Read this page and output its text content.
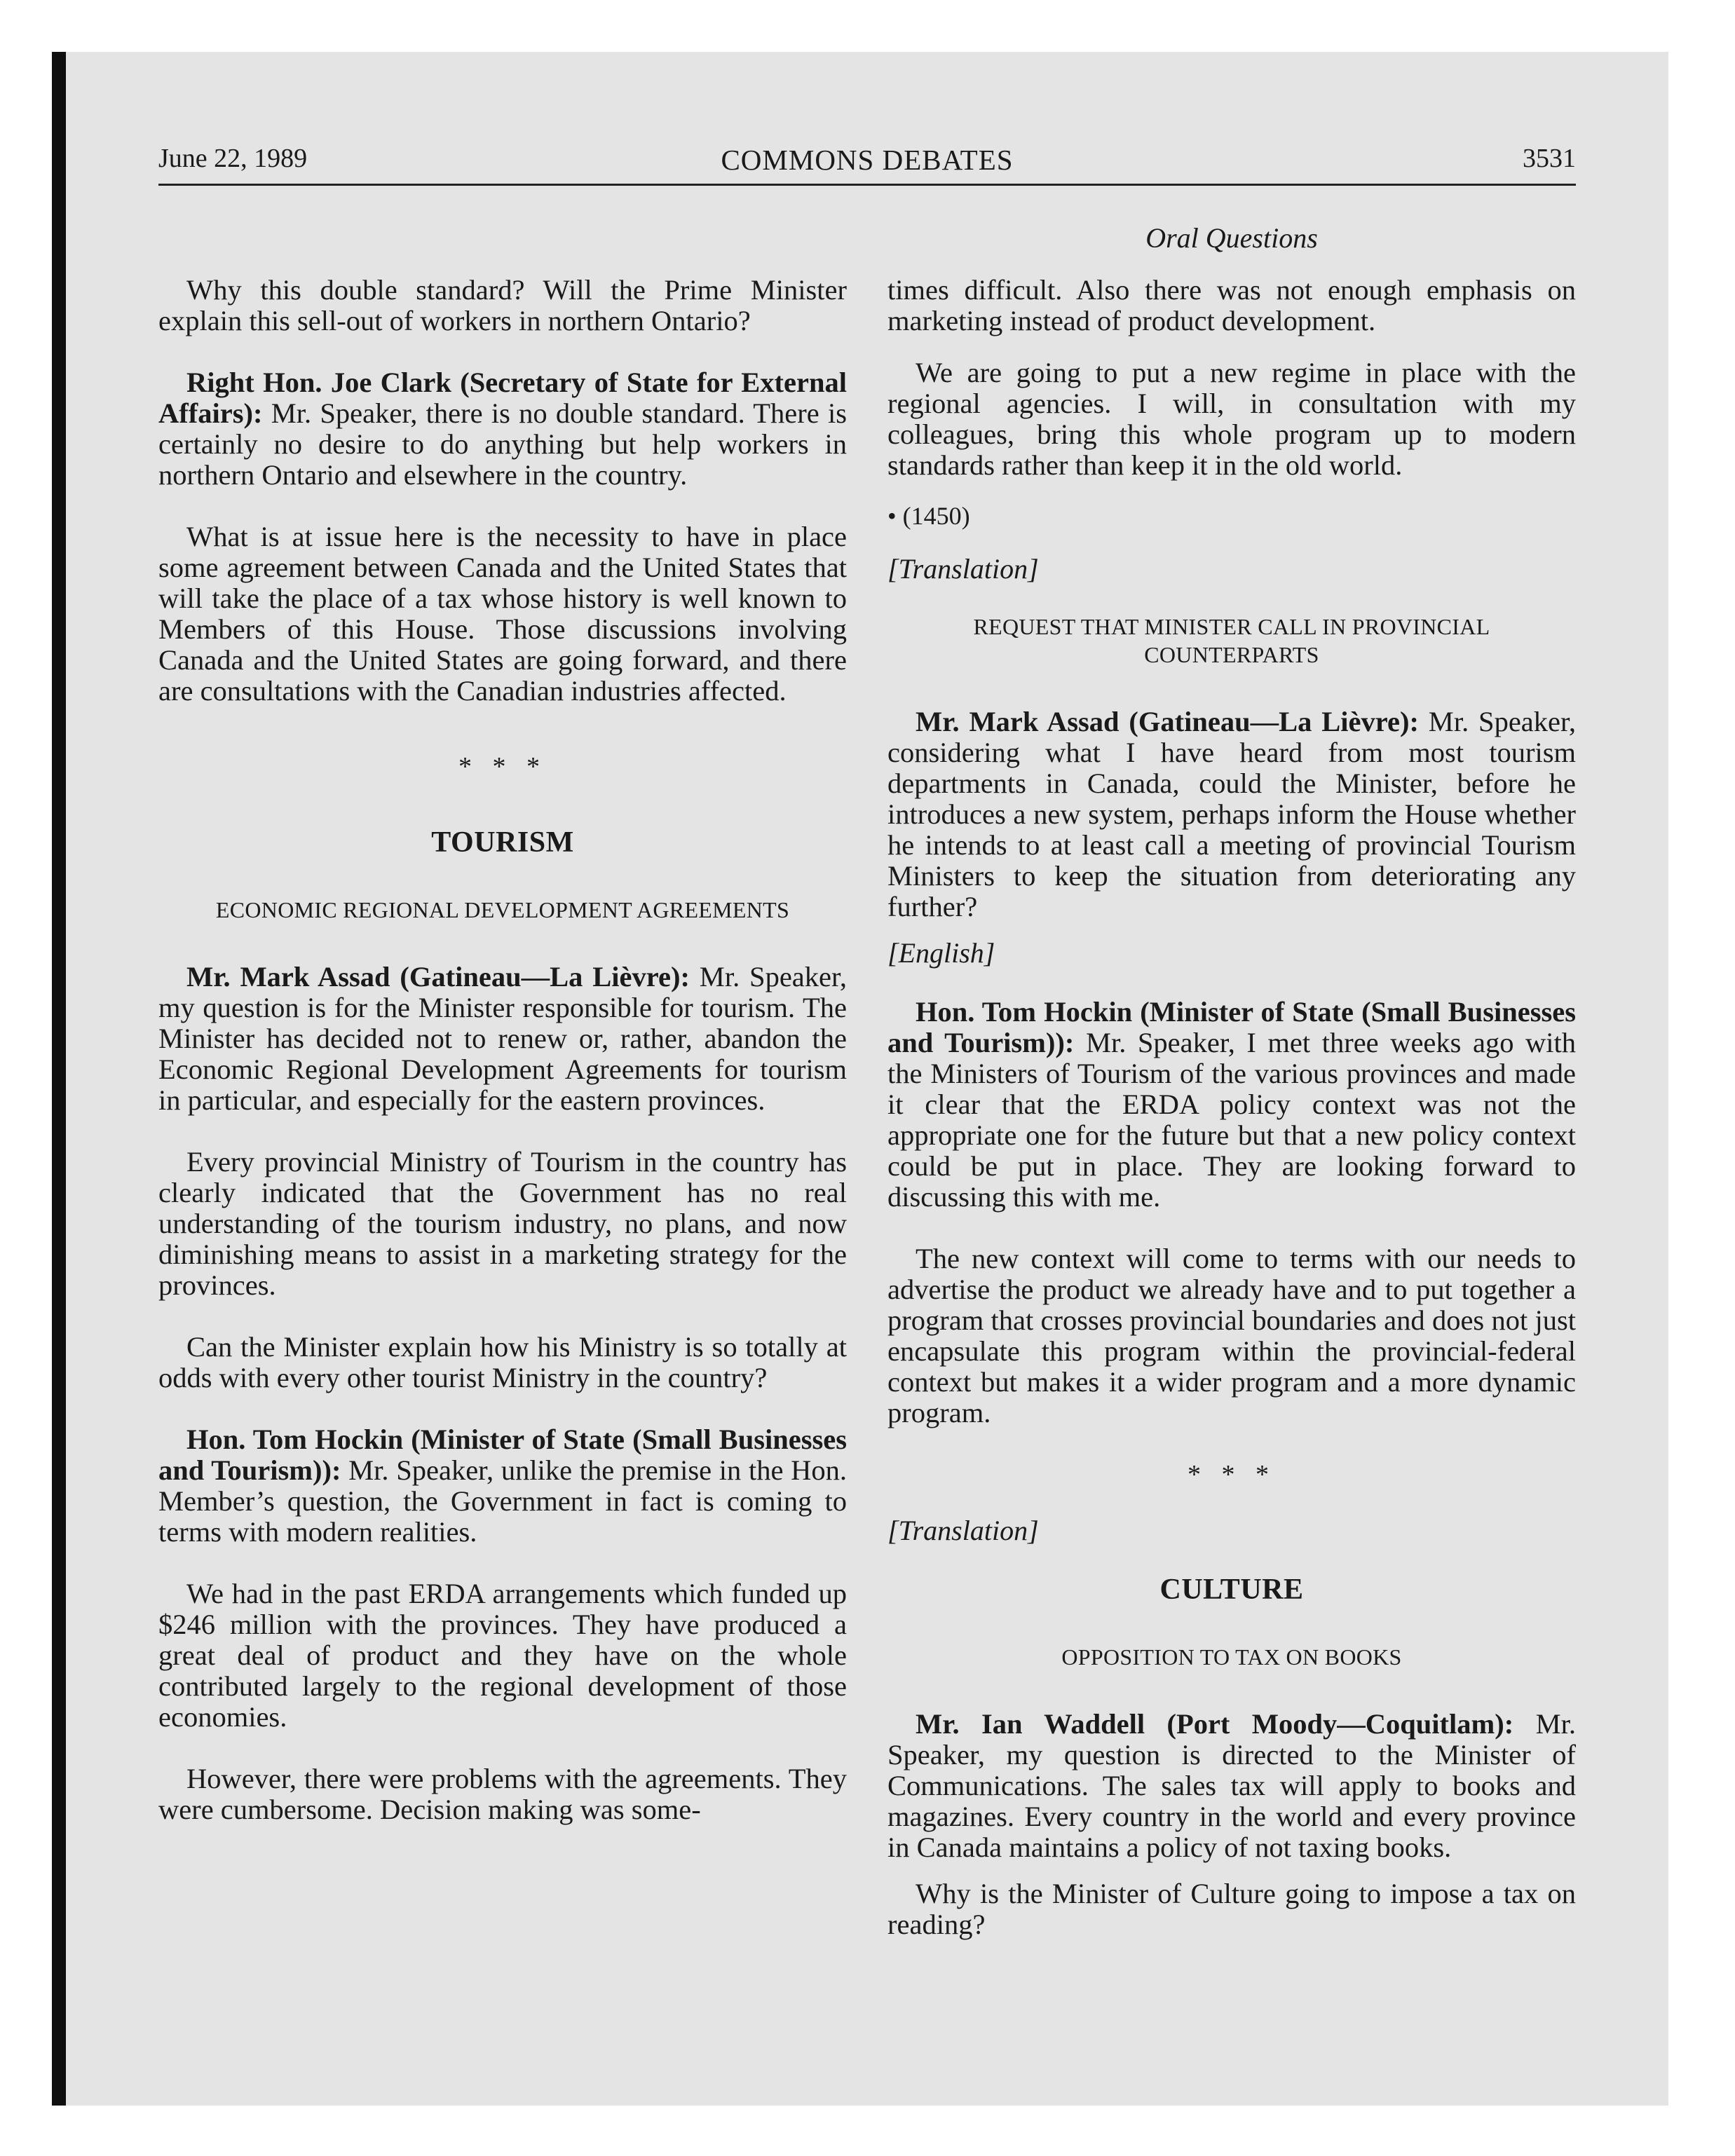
June 22, 1989	COMMONS DEBATES	3531
Oral Questions

Why this double standard? Will the Prime Minister explain this sell-out of workers in northern Ontario?

Right Hon. Joe Clark (Secretary of State for External Affairs): Mr. Speaker, there is no double standard. There is certainly no desire to do anything but help workers in northern Ontario and elsewhere in the country.

What is at issue here is the necessity to have in place some agreement between Canada and the United States that will take the place of a tax whose history is well known to Members of this House. Those discussions involving Canada and the United States are going forward, and there are consultations with the Canadian industries affected.

* * *
TOURISM
ECONOMIC REGIONAL DEVELOPMENT AGREEMENTS

Mr. Mark Assad (Gatineau—La Lièvre): Mr. Speaker, my question is for the Minister responsible for tourism. The Minister has decided not to renew or, rather, abandon the Economic Regional Development Agreements for tourism in particular, and especially for the eastern provinces.

Every provincial Ministry of Tourism in the country has clearly indicated that the Government has no real understanding of the tourism industry, no plans, and now diminishing means to assist in a marketing strategy for the provinces.

Can the Minister explain how his Ministry is so totally at odds with every other tourist Ministry in the country?

Hon. Tom Hockin (Minister of State (Small Businesses and Tourism)): Mr. Speaker, unlike the premise in the Hon. Member’s question, the Government in fact is coming to terms with modern realities.

We had in the past ERDA arrangements which funded up $246 million with the provinces. They have produced a great deal of product and they have on the whole contributed largely to the regional development of those economies.

However, there were problems with the agreements. They were cumbersome. Decision making was some-

times difficult. Also there was not enough emphasis on marketing instead of product development.

We are going to put a new regime in place with the regional agencies. I will, in consultation with my colleagues, bring this whole program up to modern standards rather than keep it in the old world.

• (1450)
[Translation]
REQUEST THAT MINISTER CALL IN PROVINCIAL COUNTERPARTS

Mr. Mark Assad (Gatineau—La Lièvre): Mr. Speaker, considering what I have heard from most tourism departments in Canada, could the Minister, before he introduces a new system, perhaps inform the House whether he intends to at least call a meeting of provincial Tourism Ministers to keep the situation from deteriorating any further?

[English]

Hon. Tom Hockin (Minister of State (Small Businesses and Tourism)): Mr. Speaker, I met three weeks ago with the Ministers of Tourism of the various provinces and made it clear that the ERDA policy context was not the appropriate one for the future but that a new policy context could be put in place. They are looking forward to discussing this with me.

The new context will come to terms with our needs to advertise the product we already have and to put together a program that crosses provincial boundaries and does not just encapsulate this program within the provincial-federal context but makes it a wider program and a more dynamic program.

* * *
[Translation]
CULTURE
OPPOSITION TO TAX ON BOOKS

Mr. Ian Waddell (Port Moody—Coquitlam): Mr. Speaker, my question is directed to the Minister of Communications. The sales tax will apply to books and magazines. Every country in the world and every province in Canada maintains a policy of not taxing books.

Why is the Minister of Culture going to impose a tax on reading?
